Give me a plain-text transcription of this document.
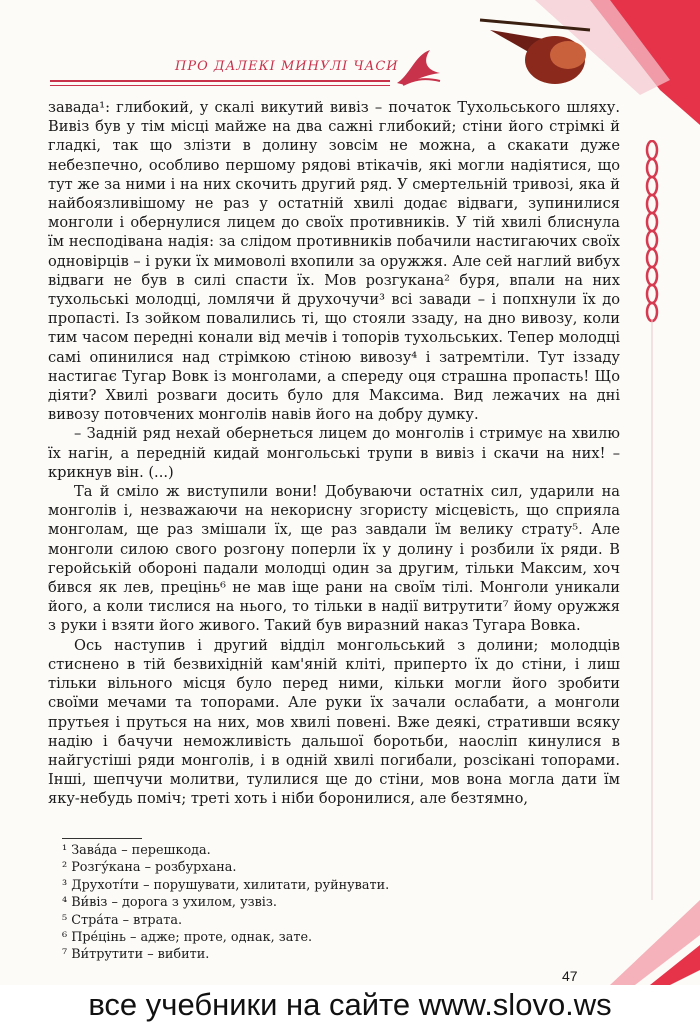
ПРО ДАЛЕКІ МИНУЛІ ЧАСИ

завада¹: глибокий, у скалі викутий вивіз – початок Тухольського шляху. Вивіз був у тім місці майже на два сажні глибокий; стіни його стрімкі й гладкі, так що злізти в долину зовсім не можна, а скакати дуже небезпечно, особливо першому рядові втікачів, які могли надіятися, що тут же за ними і на них скочить другий ряд. У смертельній тривозі, яка й найбоязливішому не раз у остатній хвилі додає відваги, зупинилися монголи і обернулися лицем до своїх противників. У тій хвилі блиснула їм несподівана надія: за слідом противників побачили настигаючих своїх одновірців – і руки їх мимоволі вхопили за оружжя. Але сей наглий вибух відваги не був в силі спасти їх. Мов розгукана² буря, впали на них тухольські молодці, ломлячи й друхочучи³ всі завади – і попхнули їх до пропасті. Із зойком повалились ті, що стояли ззаду, на дно вивозу, коли тим часом передні конали від мечів і топорів тухольських. Тепер молодці самі опинилися над стрімкою стіною вивозу⁴ і затремтіли. Тут іззаду настигає Тугар Вовк із монголами, а спереду оця страшна пропасть! Що діяти? Хвилі розваги досить було для Максима. Вид лежачих на дні вивозу потовчених монголів навів його на добру думку.

– Задній ряд нехай обернеться лицем до монголів і стримує на хвилю їх нагін, а передній кидай монгольські трупи в вивіз і скачи на них! – крикнув він. (...)

Та й сміло ж виступили вони! Добуваючи остатніх сил, ударили на монголів і, незважаючи на некорисну згористу місцевість, що сприяла монголам, ще раз змішали їх, ще раз завдали їм велику страту⁵. Але монголи силою свого розгону поперли їх у долину і розбили їх ряди. В геройській обороні падали молодці один за другим, тільки Максим, хоч бився як лев, прецінь⁶ не мав іще рани на своїм тілі. Монголи уникали його, а коли тислися на нього, то тільки в надії витрутити⁷ йому оружжя з руки і взяти його живого. Такий був виразний наказ Тугара Вовка.

Ось наступив і другий відділ монгольський з долини; молодців стиснено в тій безвихідній кам'яній кліті, приперто їх до стіни, і лиш тільки вільного місця було перед ними, кільки могли його зробити своїми мечами та топорами. Але руки їх зачали ослабати, а монголи прутьея і пруться на них, мов хвилі повені. Вже деякі, стративши всяку надію і бачучи неможливість дальшої боротьби, наосліп кинулися в найгустіші ряди монголів, і в одній хвилі погибали, розсікані топорами. Інші, шепчучи молитви, тулилися ще до стіни, мов вона могла дати їм яку-небудь поміч; треті хоть і ніби боронилися, але безтямно,

¹ Зава́да – перешкода.
² Розгу́кана – розбурхана.
³ Друхоті́ти – порушувати, хилитати, руйнувати.
⁴ Ви́віз – дорога з ухилом, узвіз.
⁵ Стра́та – втрата.
⁶ Пре́цінь – адже; проте, однак, зате.
⁷ Ви́трутити – вибити.
47
все учебники на сайте www.slovo.ws
